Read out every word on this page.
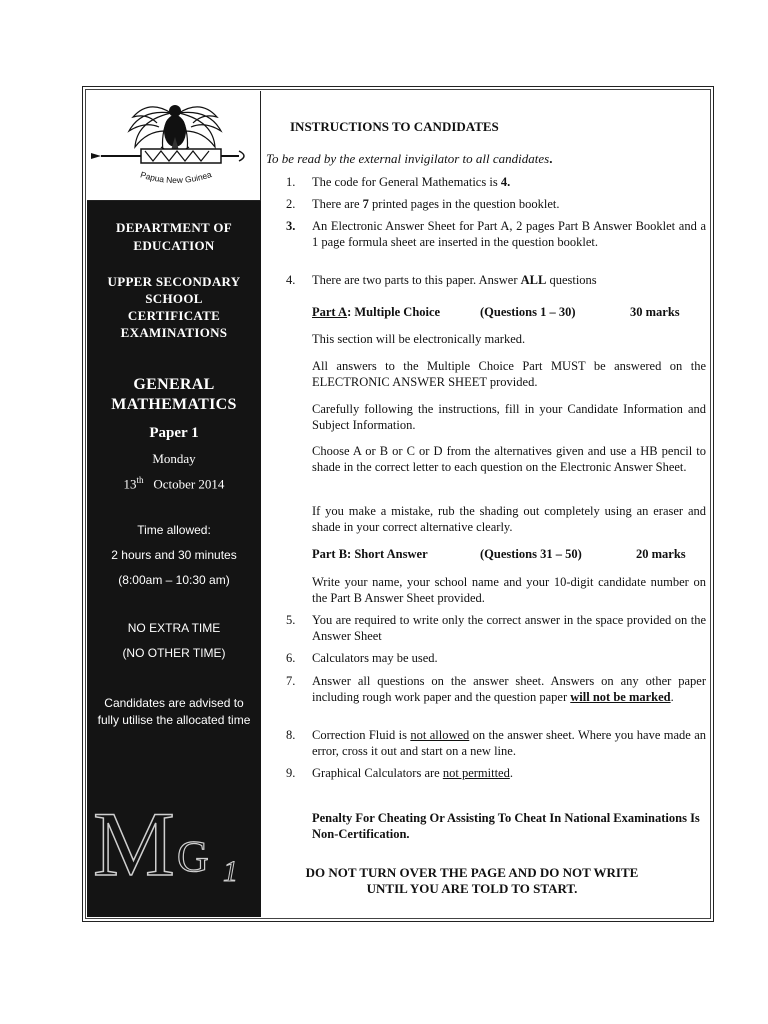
Papua New Guinea
DEPARTMENT OF
EDUCATION
UPPER SECONDARY
SCHOOL
CERTIFICATE
EXAMINATIONS
GENERAL
MATHEMATICS
Paper 1
Monday
13th October 2014
Time allowed:
2 hours and 30 minutes
(8:00am – 10:30 am)
NO EXTRA TIME
(NO OTHER TIME)
Candidates are advised to fully utilise the allocated time
M G 1
INSTRUCTIONS TO CANDIDATES
To be read by the external invigilator to all candidates.
1.	The code for General Mathematics is 4.
2.	There are 7 printed pages in the question booklet.
3.	An Electronic Answer Sheet for Part A, 2 pages Part B Answer Booklet and a 1 page formula sheet are inserted in the question booklet.
4.	There are two parts to this paper. Answer ALL questions
Part A: Multiple Choice	(Questions 1 – 30)	30 marks
This section will be electronically marked.
All answers to the Multiple Choice Part MUST be answered on the ELECTRONIC ANSWER SHEET provided.
Carefully following the instructions, fill in your Candidate Information and Subject Information.
Choose A or B or C or D from the alternatives given and use a HB pencil to shade in the correct letter to each question on the Electronic Answer Sheet.
If you make a mistake, rub the shading out completely using an eraser and shade in your correct alternative clearly.
Part B: Short Answer	(Questions 31 – 50)	20 marks
Write your name, your school name and your 10-digit candidate number on the Part B Answer Sheet provided.
5.	You are required to write only the correct answer in the space provided on the Answer Sheet
6.	Calculators may be used.
7.	Answer all questions on the answer sheet. Answers on any other paper including rough work paper and the question paper will not be marked.
8.	Correction Fluid is not allowed on the answer sheet. Where you have made an error, cross it out and start on a new line.
9.	Graphical Calculators are not permitted.
Penalty For Cheating Or Assisting To Cheat In National Examinations Is Non-Certification.
DO NOT TURN OVER THE PAGE AND DO NOT WRITE
UNTIL YOU ARE TOLD TO START.
